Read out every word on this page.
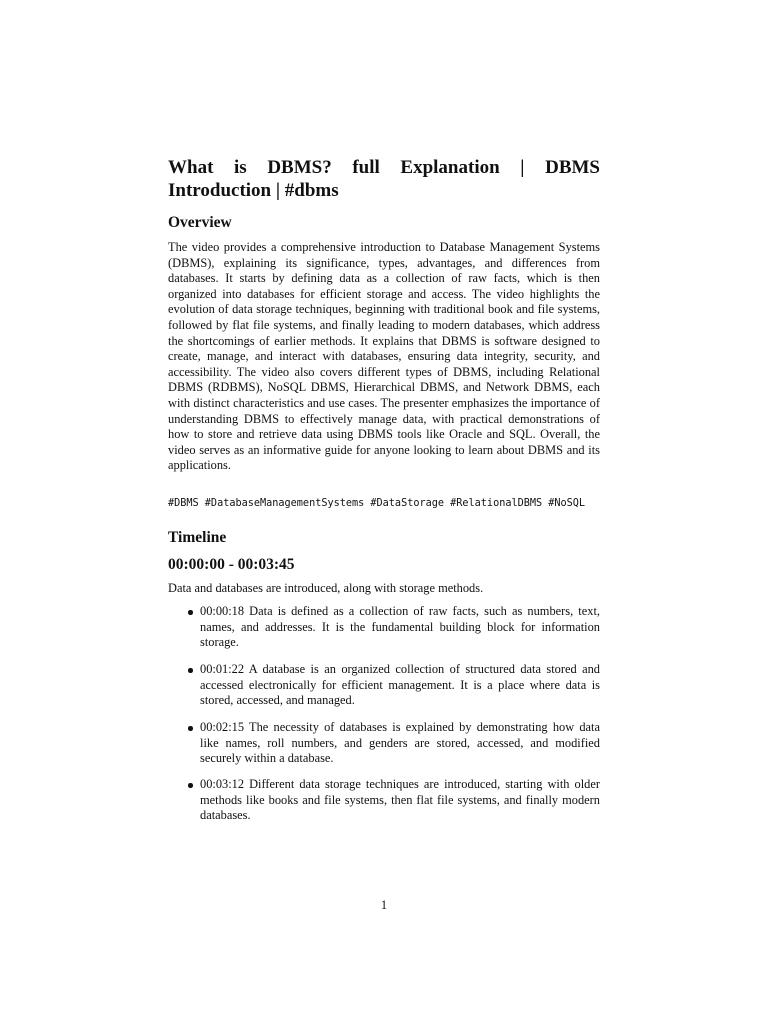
What is DBMS? full Explanation | DBMS Introduction | #dbms
Overview

The video provides a comprehensive introduction to Database Management Systems (DBMS), explaining its significance, types, advantages, and differences from databases. It starts by defining data as a collection of raw facts, which is then organized into databases for efficient storage and access. The video highlights the evolution of data storage techniques, beginning with traditional book and file systems, followed by flat file systems, and finally leading to modern databases, which address the shortcomings of earlier methods. It explains that DBMS is software designed to create, manage, and interact with databases, ensuring data integrity, security, and accessibility. The video also covers different types of DBMS, including Relational DBMS (RDBMS), NoSQL DBMS, Hierarchical DBMS, and Network DBMS, each with distinct characteristics and use cases. The presenter emphasizes the importance of understanding DBMS to effectively manage data, with practical demonstrations of how to store and retrieve data using DBMS tools like Oracle and SQL. Overall, the video serves as an informative guide for anyone looking to learn about DBMS and its applications.

#DBMS #DatabaseManagementSystems #DataStorage #RelationalDBMS #NoSQL

Timeline
00:00:00 - 00:03:45

Data and databases are introduced, along with storage methods.

00:00:18 Data is defined as a collection of raw facts, such as numbers, text, names, and addresses. It is the fundamental building block for information storage.
00:01:22 A database is an organized collection of structured data stored and accessed electronically for efficient management. It is a place where data is stored, accessed, and managed.
00:02:15 The necessity of databases is explained by demonstrating how data like names, roll numbers, and genders are stored, accessed, and modified securely within a database.
00:03:12 Different data storage techniques are introduced, starting with older methods like books and file systems, then flat file systems, and finally modern databases.
1
